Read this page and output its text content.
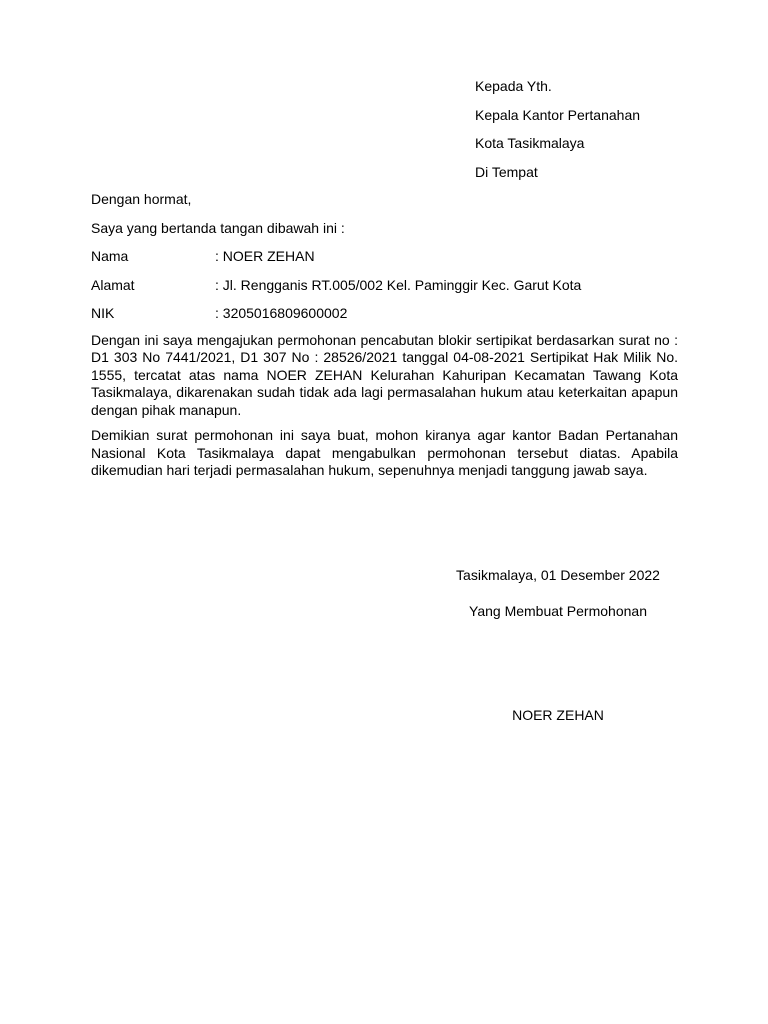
Kepada Yth.
Kepala Kantor Pertanahan
Kota Tasikmalaya
Di Tempat
Dengan hormat,
Saya yang bertanda tangan dibawah ini :
Nama	: NOER ZEHAN
Alamat	: Jl. Rengganis RT.005/002 Kel. Paminggir Kec. Garut Kota
NIK	: 3205016809600002
Dengan ini saya mengajukan permohonan pencabutan blokir sertipikat berdasarkan surat no : D1 303 No 7441/2021, D1 307 No : 28526/2021 tanggal 04-08-2021 Sertipikat Hak Milik No. 1555, tercatat atas nama NOER ZEHAN Kelurahan Kahuripan Kecamatan Tawang Kota Tasikmalaya, dikarenakan sudah tidak ada lagi permasalahan hukum atau keterkaitan apapun dengan pihak manapun.
Demikian surat permohonan ini saya buat, mohon kiranya agar kantor Badan Pertanahan Nasional Kota Tasikmalaya dapat mengabulkan permohonan tersebut diatas. Apabila dikemudian hari terjadi permasalahan hukum, sepenuhnya menjadi tanggung jawab saya.
Tasikmalaya, 01 Desember 2022
Yang Membuat Permohonan
NOER ZEHAN
